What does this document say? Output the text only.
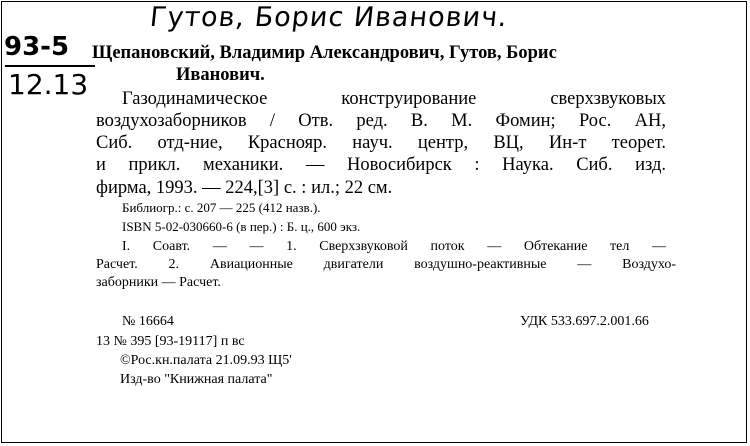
Гутов, Борис Иванович.
93-5
12.13
Щепановский, Владимир Александрович, Гутов, Борис
Иванович.
Газодинамическое конструирование сверхзвуковых
воздухозаборников / Отв. ред. В. М. Фомин; Рос. АН,
Сиб. отд-ние, Краснояр. науч. центр, ВЦ, Ин-т теорет.
и прикл. механики. — Новосибирск : Наука. Сиб. изд.
фирма, 1993. — 224,[3] с. : ил.; 22 см.
Библиогр.: с. 207 — 225 (412 назв.).
ISBN 5-02-030660-6 (в пер.) : Б. ц., 600 экз.
I. Соавт. — — 1. Сверхзвуковой поток — Обтекание тел —
Расчет. 2. Авиационные двигатели воздушно-реактивные — Воздухо-
заборники — Расчет.
№ 16664	УДК 533.697.2.001.66
13 № 395 [93-19117] п вс
©Рос.кн.палата 21.09.93 Щ5'
Изд-во "Книжная палата"
